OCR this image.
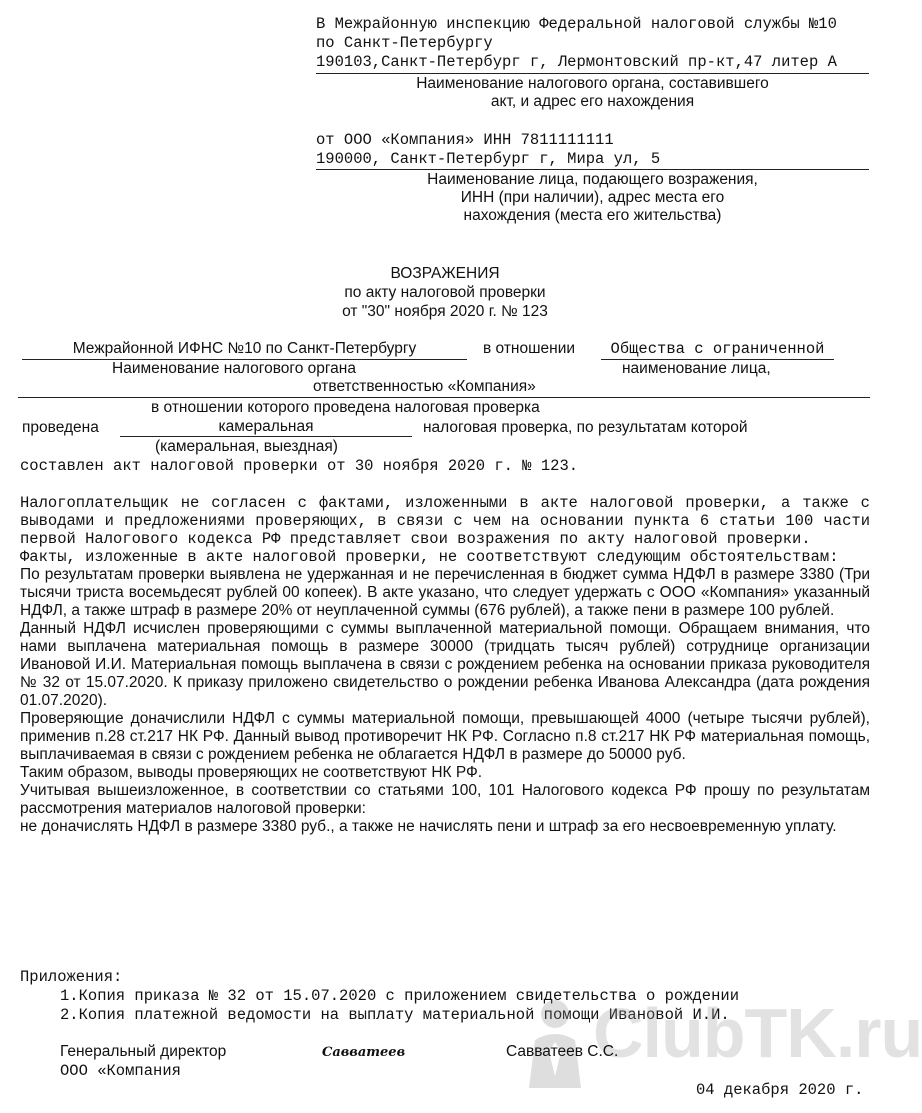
В Межрайонную инспекцию Федеральной налоговой службы №10
по Санкт-Петербургу
190103,Санкт-Петербург г, Лермонтовский пр-кт,47 литер А
Наименование налогового органа, составившего
акт, и адрес его нахождения
от ООО «Компания» ИНН 7811111111
190000, Санкт-Петербург г, Мира ул, 5
Наименование лица, подающего возражения,
ИНН (при наличии), адрес места его
нахождения (места его жительства)
ВОЗРАЖЕНИЯ
по акту налоговой проверки
от "30" ноября 2020 г. № 123
Межрайонной ИФНС №10 по Санкт-Петербургу	в отношении	Общества с ограниченной
Наименование налогового органа	наименование лица,
ответственностью «Компания»
в отношении которого проведена налоговая проверка
проведена	камеральная	налоговая проверка, по результатам которой
(камеральная, выездная)
составлен акт налоговой проверки от 30 ноября 2020 г. № 123.

Налогоплательщик не согласен с фактами, изложенными в акте налоговой проверки, а также с выводами и предложениями проверяющих, в связи с чем на основании пункта 6 статьи 100 части первой Налогового кодекса РФ представляет свои возражения по акту налоговой проверки.

Факты, изложенные в акте налоговой проверки, не соответствуют следующим обстоятельствам:

По результатам проверки выявлена не удержанная и не перечисленная в бюджет сумма НДФЛ в размере 3380 (Три тысячи триста восемьдесят рублей 00 копеек). В акте указано, что следует удержать с ООО «Компания» указанный НДФЛ, а также штраф в размере 20% от неуплаченной суммы (676 рублей), а также пени в размере 100 рублей.

Данный НДФЛ исчислен проверяющими с суммы выплаченной материальной помощи. Обращаем внимания, что нами выплачена материальная помощь в размере 30000 (тридцать тысяч рублей) сотруднице организации Ивановой И.И. Материальная помощь выплачена в связи с рождением ребенка на основании приказа руководителя № 32 от 15.07.2020. К приказу приложено свидетельство о рождении ребенка Иванова Александра (дата рождения 01.07.2020).

Проверяющие доначислили НДФЛ с суммы материальной помощи, превышающей 4000 (четыре тысячи рублей), применив п.28 ст.217 НК РФ. Данный вывод противоречит НК РФ. Согласно п.8 ст.217 НК РФ материальная помощь, выплачиваемая в связи с рождением ребенка не облагается НДФЛ в размере до 50000 руб.

Таким образом, выводы проверяющих не соответствуют НК РФ.

Учитывая вышеизложенное, в соответствии со статьями 100, 101 Налогового кодекса РФ прошу по результатам рассмотрения материалов налоговой проверки:

не доначислять НДФЛ в размере 3380 руб., а также не начислять пени и штраф за его несвоевременную уплату.

Приложения:
1.Копия приказа № 32 от 15.07.2020 с приложением свидетельства о рождении
2.Копия платежной ведомости на выплату материальной помощи Ивановой И.И.
ClubTK.ru
Генеральный директор	Савватеев	Савватеев С.С.
ООО «Компания
04 декабря 2020 г.
